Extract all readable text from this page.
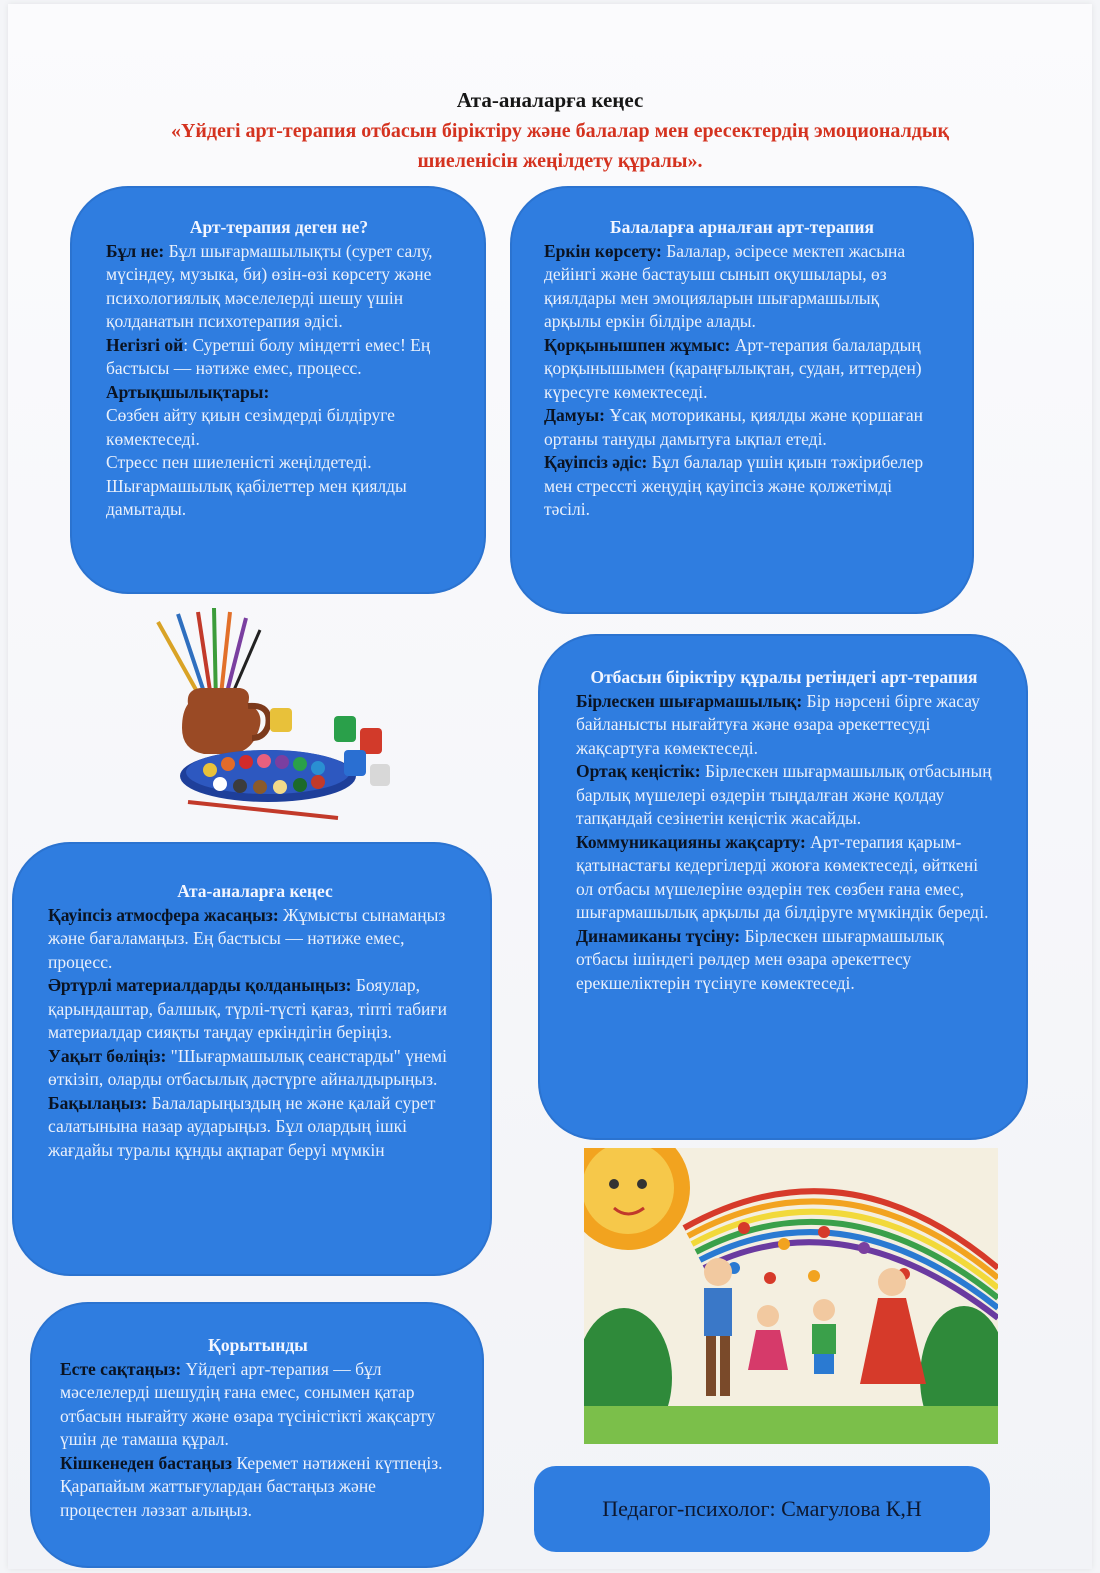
Ата-аналарға кеңес
«Үйдегі арт-терапия отбасын біріктіру және балалар мен ересектердің эмоционалдық шиеленісін жеңілдету құралы».
Арт-терапия деген не?

Бұл не: Бұл шығармашылықты (сурет салу, мүсіндеу, музыка, би) өзін-өзі көрсету және психологиялық мәселелерді шешу үшін қолданатын психотерапия әдісі.

Негізгі ой: Суретші болу міндетті емес! Ең бастысы — нәтиже емес, процесс.

Артықшылықтары:

Сөзбен айту қиын сезімдерді білдіруге көмектеседі.

Стресс пен шиеленісті жеңілдетеді.

Шығармашылық қабілеттер мен қиялды дамытады.

Балаларға арналған арт-терапия

Еркін көрсету: Балалар, әсіресе мектеп жасына дейінгі және бастауыш сынып оқушылары, өз қиялдары мен эмоцияларын шығармашылық арқылы еркін білдіре алады.

Қорқынышпен жұмыс: Арт-терапия балалардың қорқынышымен (қараңғылықтан, судан, иттерден) күресуге көмектеседі.

Дамуы: Ұсақ моториканы, қиялды және қоршаған ортаны тануды дамытуға ықпал етеді.

Қауіпсіз әдіс: Бұл балалар үшін қиын тәжірибелер мен стрессті жеңудің қауіпсіз және қолжетімді тәсілі.

Отбасын біріктіру құралы ретіндегі арт-терапия

Бірлескен шығармашылық: Бір нәрсені бірге жасау байланысты нығайтуға және өзара әрекеттесуді жақсартуға көмектеседі.

Ортақ кеңістік: Бірлескен шығармашылық отбасының барлық мүшелері өздерін тыңдалған және қолдау тапқандай сезінетін кеңістік жасайды.

Коммуникацияны жақсарту: Арт-терапия қарым-қатынастағы кедергілерді жоюға көмектеседі, өйткені ол отбасы мүшелеріне өздерін тек сөзбен ғана емес, шығармашылық арқылы да білдіруге мүмкіндік береді.

Динамиканы түсіну: Бірлескен шығармашылық отбасы ішіндегі рөлдер мен өзара әрекеттесу ерекшеліктерін түсінуге көмектеседі.

Ата-аналарға кеңес

Қауіпсіз атмосфера жасаңыз: Жұмысты сынамаңыз және бағаламаңыз. Ең бастысы — нәтиже емес, процесс.

Әртүрлі материалдарды қолданыңыз: Бояулар, қарындаштар, балшық, түрлі-түсті қағаз, тіпті табиғи материалдар сияқты таңдау еркіндігін беріңіз.

Уақыт бөліңіз: "Шығармашылық сеанстарды" үнемі өткізіп, оларды отбасылық дәстүрге айналдырыңыз.

Бақылаңыз: Балаларыңыздың не және қалай сурет салатынына назар аударыңыз. Бұл олардың ішкі жағдайы туралы құнды ақпарат беруі мүмкін

Қорытынды

Есте сақтаңыз: Үйдегі арт-терапия — бұл мәселелерді шешудің ғана емес, сонымен қатар отбасын нығайту және өзара түсіністікті жақсарту үшін де тамаша құрал.

Кішкенеден бастаңыз Керемет нәтижені күтпеңіз. Қарапайым жаттығулардан бастаңыз және процестен ләззат алыңыз.	Педагог-психолог: Смагулова К,Н
